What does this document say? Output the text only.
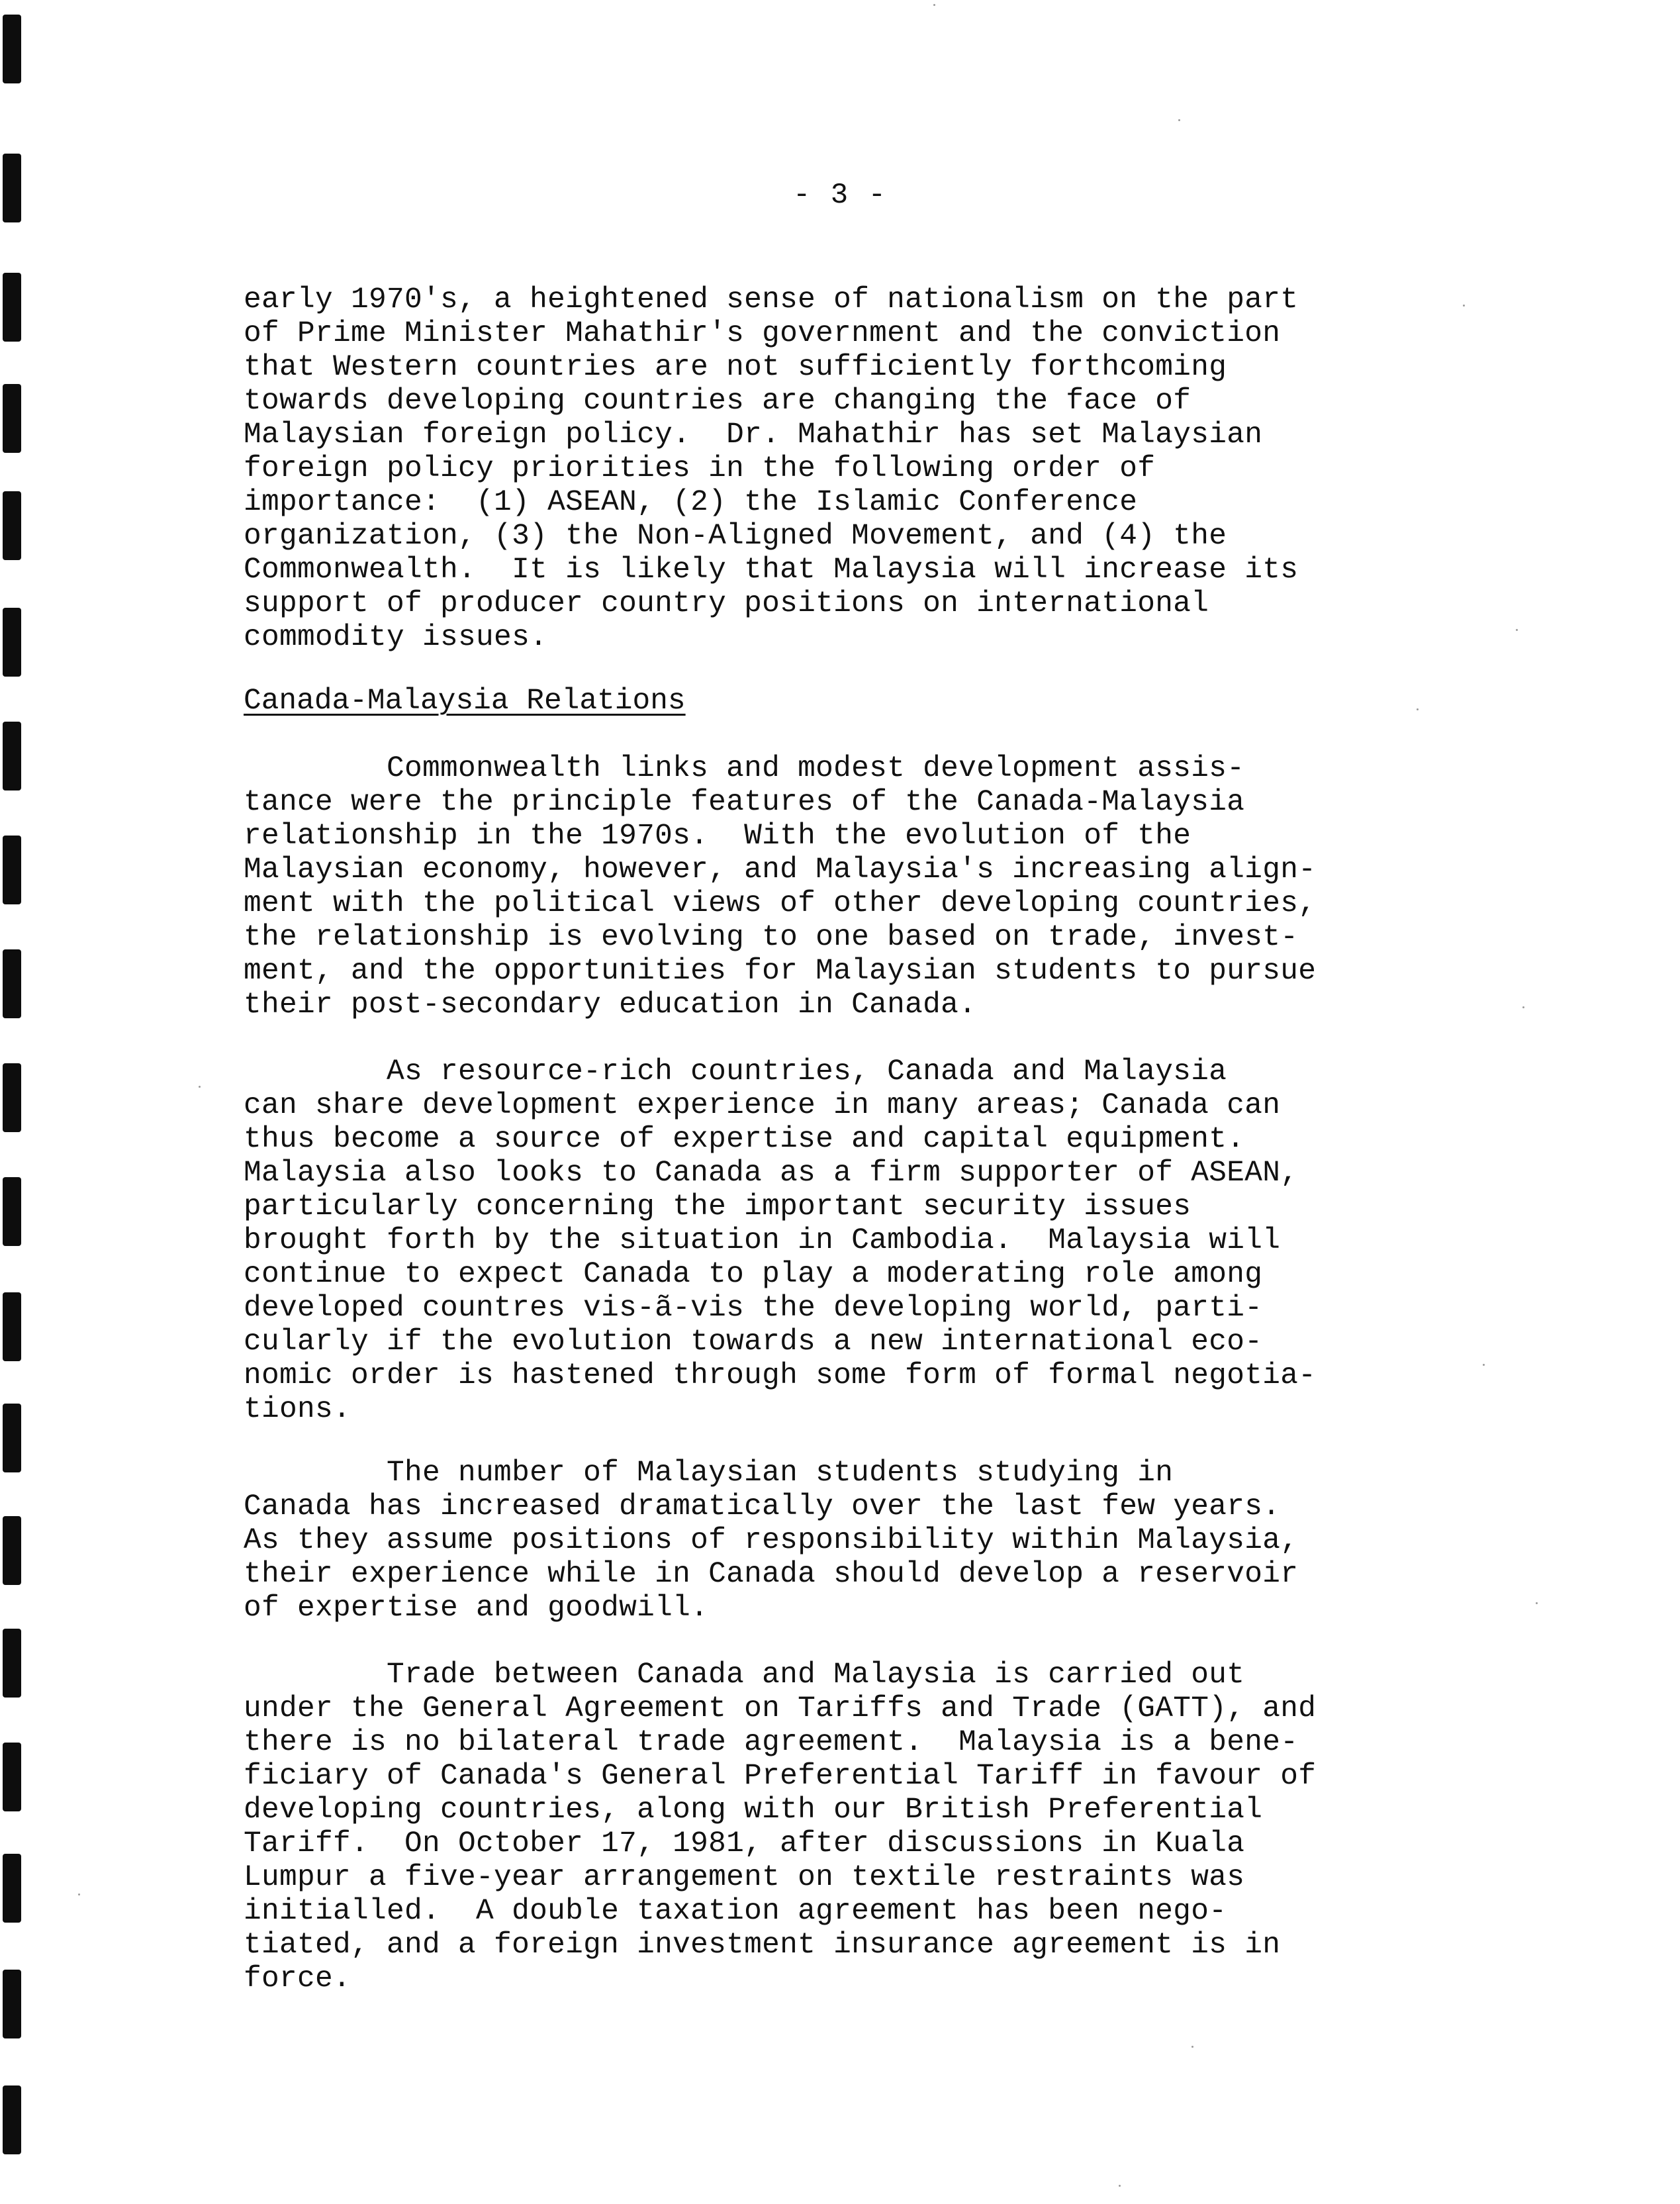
- 3 -

early 1970's, a heightened sense of nationalism on the part

of Prime Minister Mahathir's government and the conviction

that Western countries are not sufficiently forthcoming

towards developing countries are changing the face of

Malaysian foreign policy.  Dr. Mahathir has set Malaysian

foreign policy priorities in the following order of

importance:  (1) ASEAN, (2) the Islamic Conference

organization, (3) the Non-Aligned Movement, and (4) the

Commonwealth.  It is likely that Malaysia will increase its

support of producer country positions on international

commodity issues.

Canada-Malaysia Relations

Commonwealth links and modest development assis-

tance were the principle features of the Canada-Malaysia

relationship in the 1970s.  With the evolution of the

Malaysian economy, however, and Malaysia's increasing align-

ment with the political views of other developing countries,

the relationship is evolving to one based on trade, invest-

ment, and the opportunities for Malaysian students to pursue

their post-secondary education in Canada.

As resource-rich countries, Canada and Malaysia

can share development experience in many areas; Canada can

thus become a source of expertise and capital equipment.

Malaysia also looks to Canada as a firm supporter of ASEAN,

particularly concerning the important security issues

brought forth by the situation in Cambodia.  Malaysia will

continue to expect Canada to play a moderating role among

developed countres vis-ã-vis the developing world, parti-

cularly if the evolution towards a new international eco-

nomic order is hastened through some form of formal negotia-

tions.

The number of Malaysian students studying in

Canada has increased dramatically over the last few years.

As they assume positions of responsibility within Malaysia,

their experience while in Canada should develop a reservoir

of expertise and goodwill.

Trade between Canada and Malaysia is carried out

under the General Agreement on Tariffs and Trade (GATT), and

there is no bilateral trade agreement.  Malaysia is a bene-

ficiary of Canada's General Preferential Tariff in favour of

developing countries, along with our British Preferential

Tariff.  On October 17, 1981, after discussions in Kuala

Lumpur a five-year arrangement on textile restraints was

initialled.  A double taxation agreement has been nego-

tiated, and a foreign investment insurance agreement is in

force.
